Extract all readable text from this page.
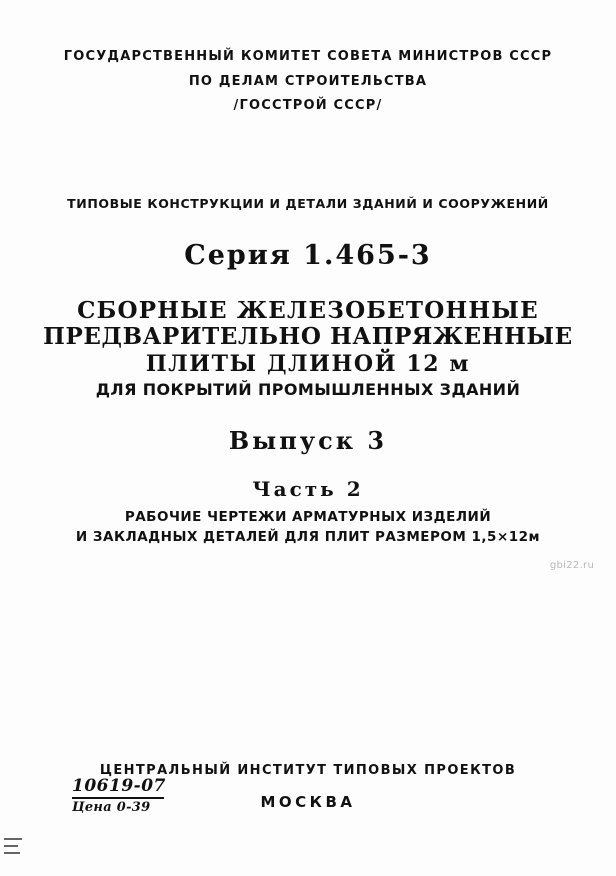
ГОСУДАРСТВЕННЫЙ КОМИТЕТ СОВЕТА МИНИСТРОВ СССР
ПО ДЕЛАМ СТРОИТЕЛЬСТВА
/ГОССТРОЙ СССР/
ТИПОВЫЕ КОНСТРУКЦИИ И ДЕТАЛИ ЗДАНИЙ И СООРУЖЕНИЙ
Серия 1.465-3
СБОРНЫЕ ЖЕЛЕЗОБЕТОННЫЕ
ПРЕДВАРИТЕЛЬНО НАПРЯЖЕННЫЕ
ПЛИТЫ ДЛИНОЙ 12 м
ДЛЯ ПОКРЫТИЙ ПРОМЫШЛЕННЫХ ЗДАНИЙ
Выпуск 3
Часть 2
РАБОЧИЕ ЧЕРТЕЖИ АРМАТУРНЫХ ИЗДЕЛИЙ
И ЗАКЛАДНЫХ ДЕТАЛЕЙ ДЛЯ ПЛИТ РАЗМЕРОМ 1,5×12м
gbi22.ru
ЦЕНТРАЛЬНЫЙ ИНСТИТУТ ТИПОВЫХ ПРОЕКТОВ
МОСКВА
10619-07
Цена 0-39
